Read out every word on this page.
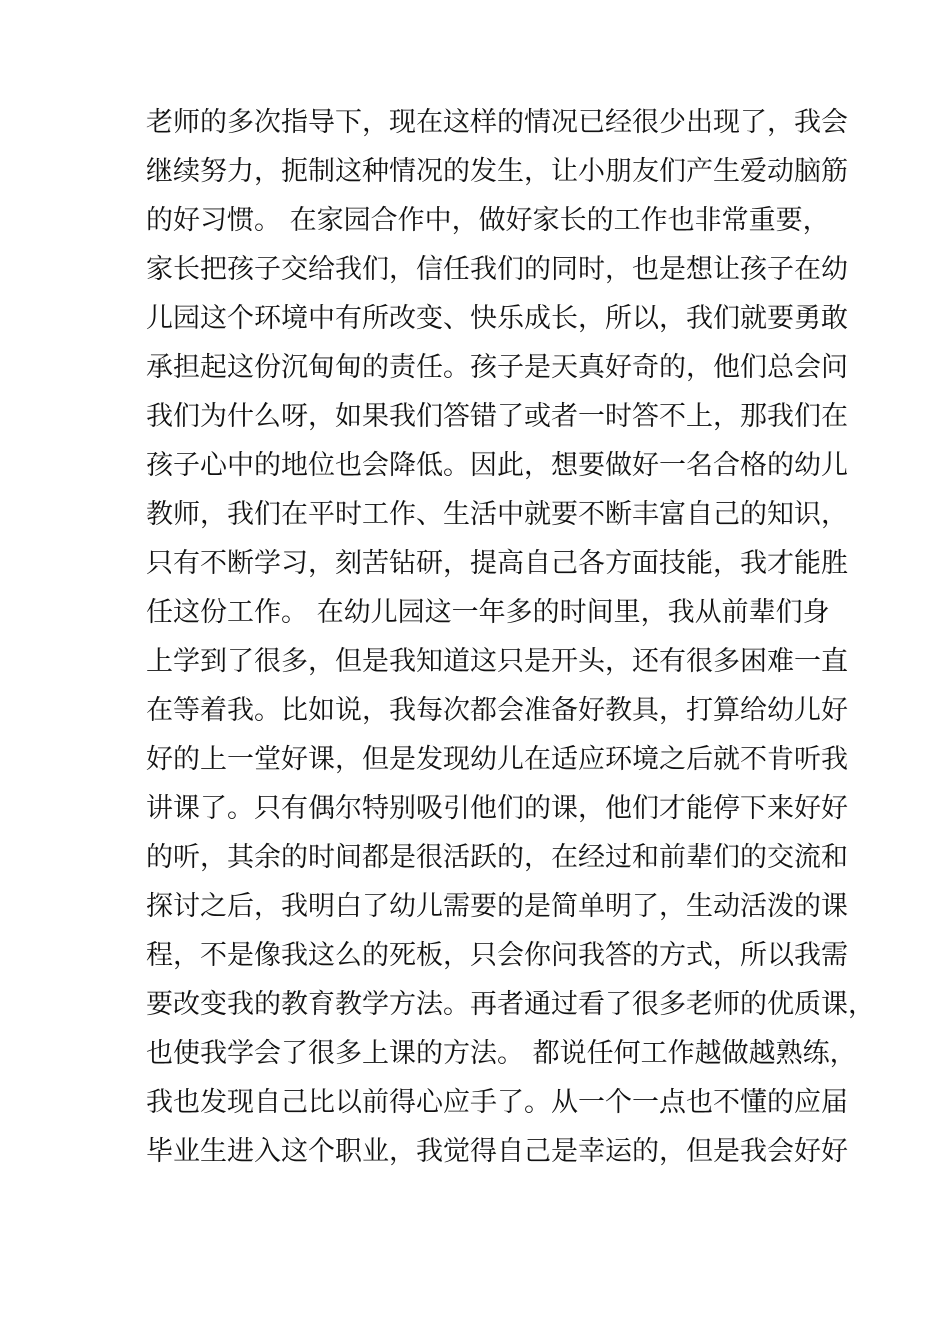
老师的多次指导下，现在这样的情况已经很少出现了，我会
继续努力，扼制这种情况的发生，让小朋友们产生爱动脑筋
的好习惯。 在家园合作中，做好家长的工作也非常重要，
家长把孩子交给我们，信任我们的同时，也是想让孩子在幼
儿园这个环境中有所改变、快乐成长，所以，我们就要勇敢
承担起这份沉甸甸的责任。孩子是天真好奇的，他们总会问
我们为什么呀，如果我们答错了或者一时答不上，那我们在
孩子心中的地位也会降低。因此，想要做好一名合格的幼儿
教师，我们在平时工作、生活中就要不断丰富自己的知识，
只有不断学习，刻苦钻研，提高自己各方面技能，我才能胜
任这份工作。 在幼儿园这一年多的时间里，我从前辈们身
上学到了很多，但是我知道这只是开头，还有很多困难一直
在等着我。比如说，我每次都会准备好教具，打算给幼儿好
好的上一堂好课，但是发现幼儿在适应环境之后就不肯听我
讲课了。只有偶尔特别吸引他们的课，他们才能停下来好好
的听，其余的时间都是很活跃的，在经过和前辈们的交流和
探讨之后，我明白了幼儿需要的是简单明了，生动活泼的课
程，不是像我这么的死板，只会你问我答的方式，所以我需
要改变我的教育教学方法。再者通过看了很多老师的优质课，
也使我学会了很多上课的方法。 都说任何工作越做越熟练，
我也发现自己比以前得心应手了。从一个一点也不懂的应届
毕业生进入这个职业，我觉得自己是幸运的，但是我会好好
